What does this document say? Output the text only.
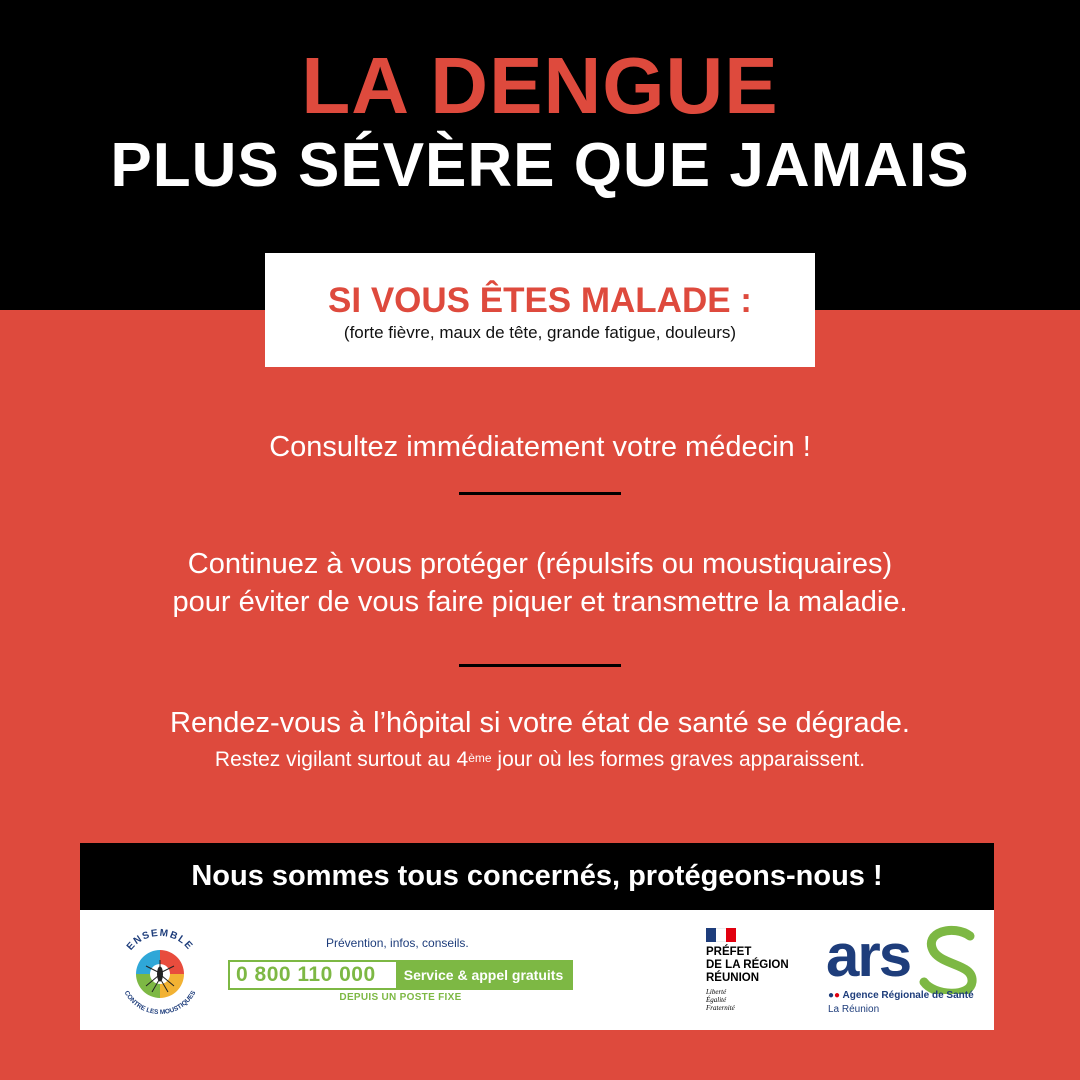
LA DENGUE
PLUS SÉVÈRE QUE JAMAIS
SI VOUS ÊTES MALADE :
(forte fièvre, maux de tête, grande fatigue, douleurs)
Consultez immédiatement votre médecin !
Continuez à vous protéger (répulsifs ou moustiquaires)
pour éviter de vous faire piquer et transmettre la maladie.
Rendez-vous à l’hôpital si votre état de santé se dégrade.
Restez vigilant surtout au 4ème jour où les formes graves apparaissent.
Nous sommes tous concernés, protégeons-nous !
ENSEMBLE
CONTRE LES MOUSTIQUES
Prévention, infos, conseils.
0 800 110 000	Service & appel gratuits
DEPUIS UN POSTE FIXE
PRÉFET
DE LA RÉGION
RÉUNION
Liberté
Égalité
Fraternité
ars
●● Agence Régionale de Santé
La Réunion
